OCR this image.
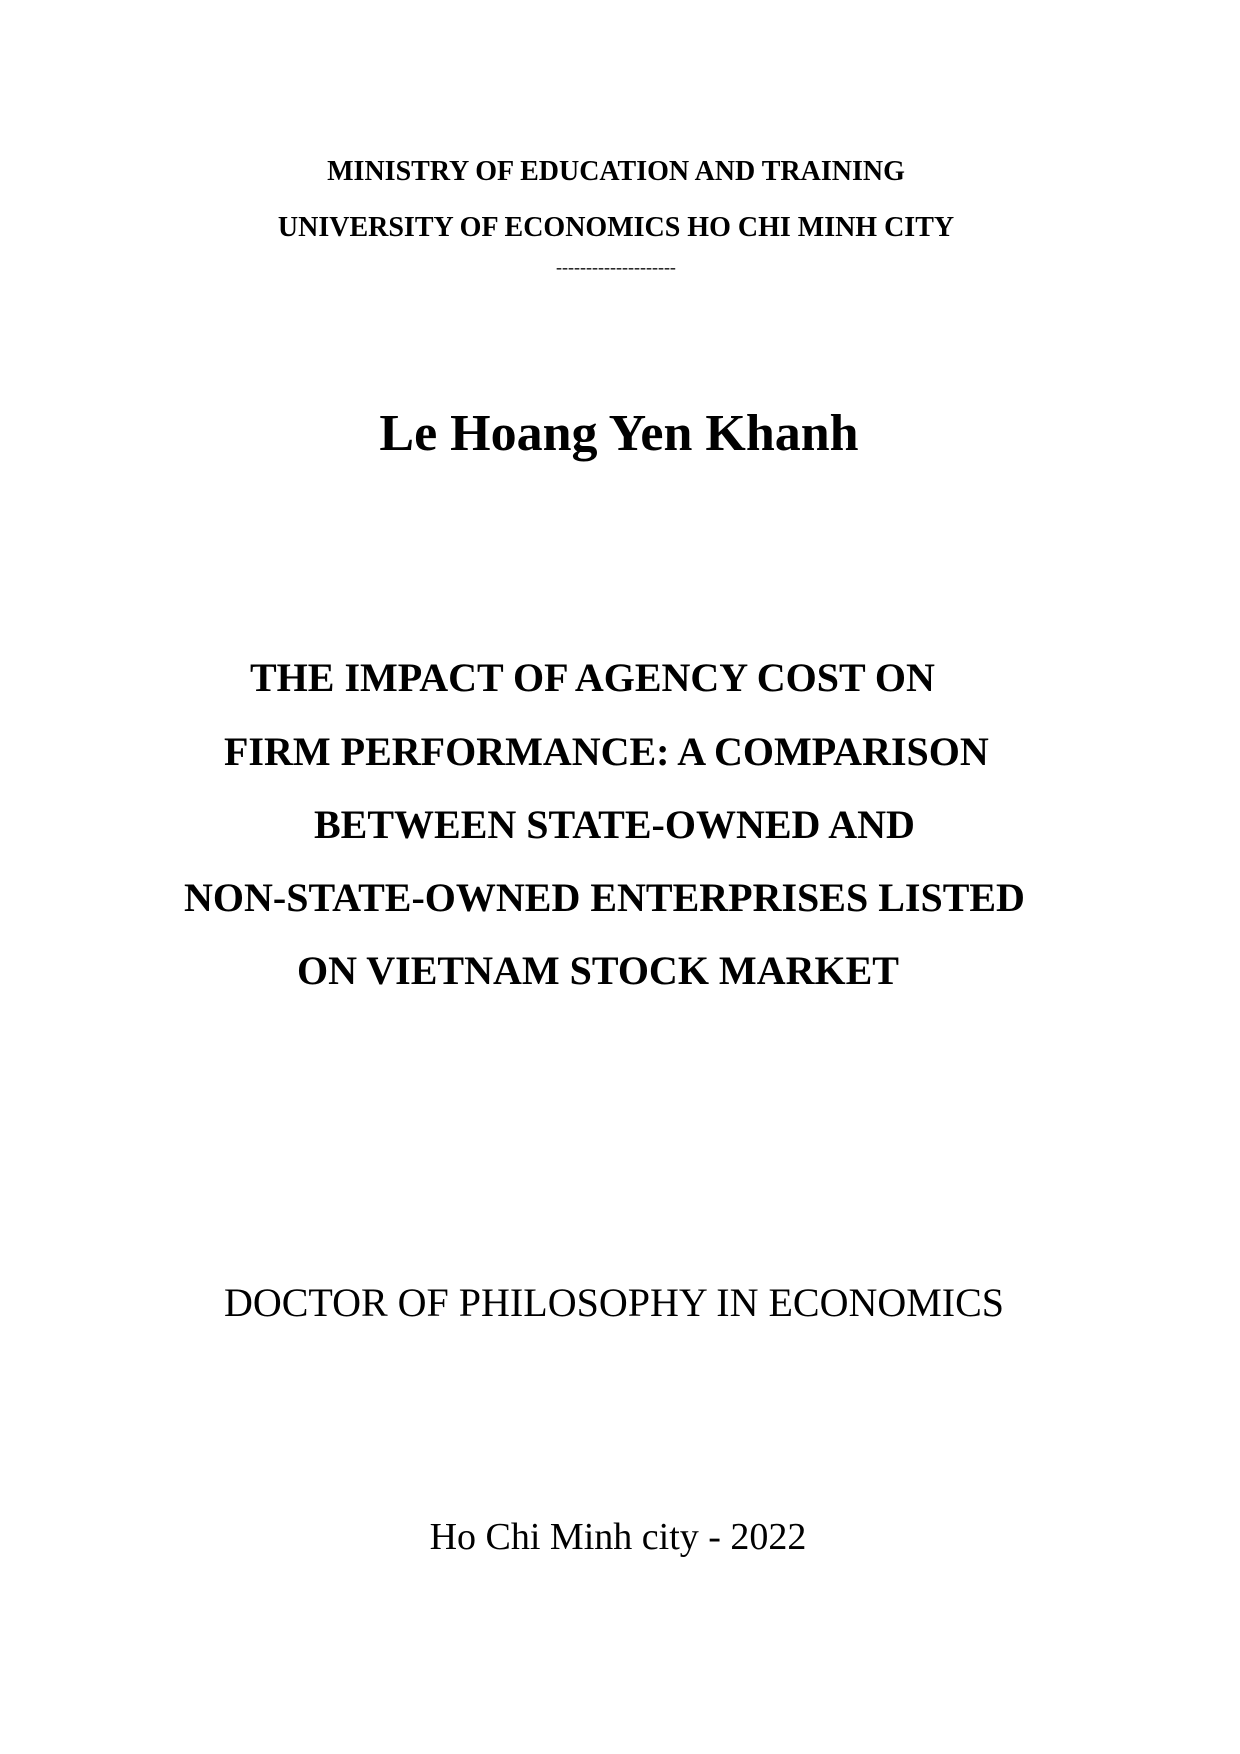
MINISTRY OF EDUCATION AND TRAINING
UNIVERSITY OF ECONOMICS HO CHI MINH CITY
--------------------
Le Hoang Yen Khanh
THE IMPACT OF AGENCY COST ON
FIRM PERFORMANCE: A COMPARISON
BETWEEN STATE-OWNED AND
NON-STATE-OWNED ENTERPRISES LISTED
ON VIETNAM STOCK MARKET
DOCTOR OF PHILOSOPHY IN ECONOMICS
Ho Chi Minh city - 2022
